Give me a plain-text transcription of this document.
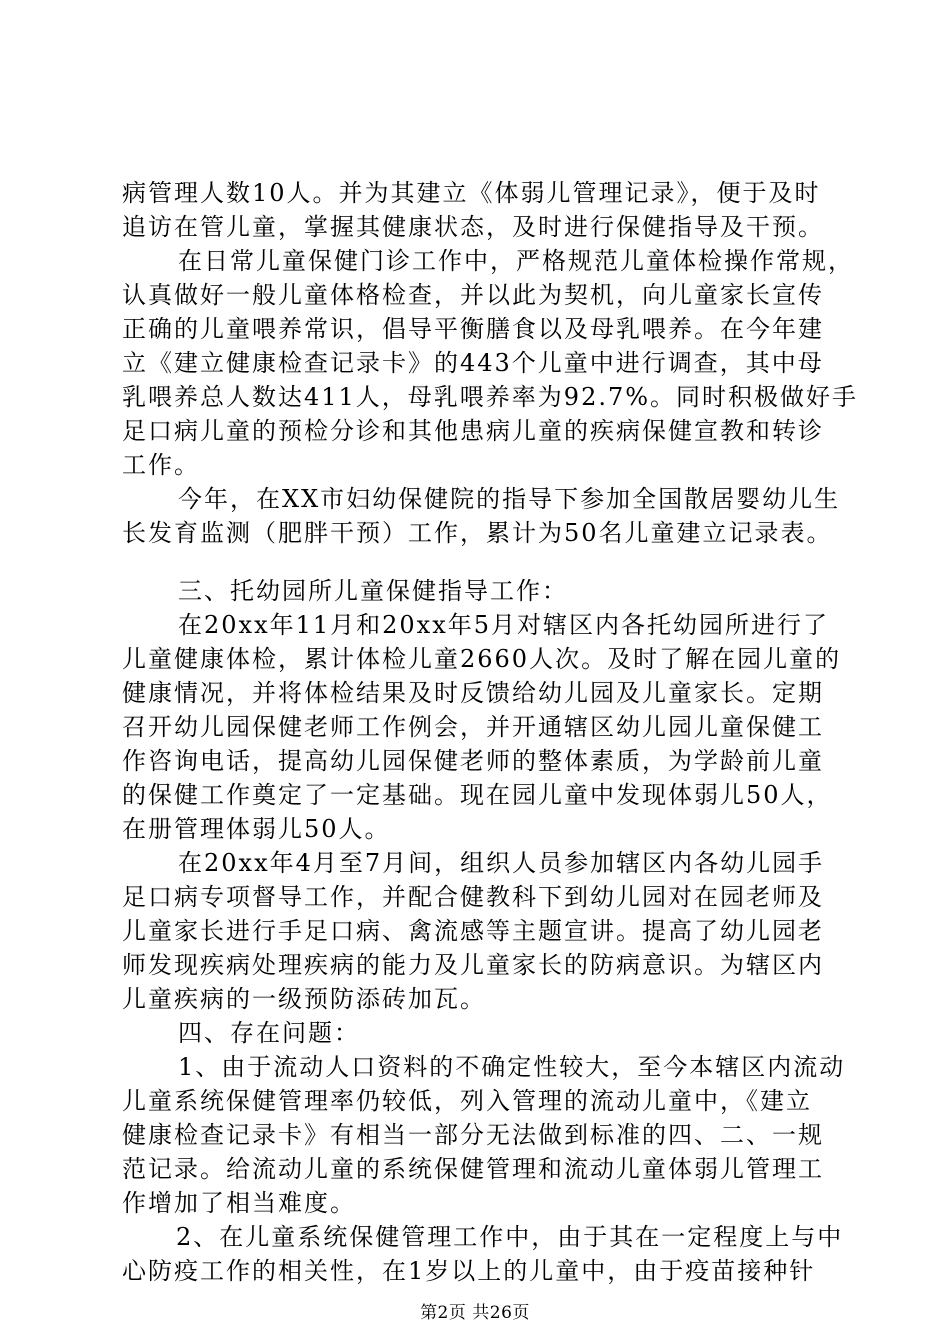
病管理人数10人。并为其建立《体弱儿管理记录》，便于及时
追访在管儿童，掌握其健康状态，及时进行保健指导及干预。
在日常儿童保健门诊工作中，严格规范儿童体检操作常规，
认真做好一般儿童体格检查，并以此为契机，向儿童家长宣传
正确的儿童喂养常识，倡导平衡膳食以及母乳喂养。在今年建
立《建立健康检查记录卡》的443个儿童中进行调查，其中母
乳喂养总人数达411人，母乳喂养率为92.7%。同时积极做好手
足口病儿童的预检分诊和其他患病儿童的疾病保健宣教和转诊
工作。
今年，在XX市妇幼保健院的指导下参加全国散居婴幼儿生
长发育监测（肥胖干预）工作，累计为50名儿童建立记录表。
三、托幼园所儿童保健指导工作：
在20xx年11月和20xx年5月对辖区内各托幼园所进行了
儿童健康体检，累计体检儿童2660人次。及时了解在园儿童的
健康情况，并将体检结果及时反馈给幼儿园及儿童家长。定期
召开幼儿园保健老师工作例会，并开通辖区幼儿园儿童保健工
作咨询电话，提高幼儿园保健老师的整体素质，为学龄前儿童
的保健工作奠定了一定基础。现在园儿童中发现体弱儿50人，
在册管理体弱儿50人。
在20xx年4月至7月间，组织人员参加辖区内各幼儿园手
足口病专项督导工作，并配合健教科下到幼儿园对在园老师及
儿童家长进行手足口病、禽流感等主题宣讲。提高了幼儿园老
师发现疾病处理疾病的能力及儿童家长的防病意识。为辖区内
儿童疾病的一级预防添砖加瓦。
四、存在问题：
1、由于流动人口资料的不确定性较大，至今本辖区内流动
儿童系统保健管理率仍较低，列入管理的流动儿童中，《建立
健康检查记录卡》有相当一部分无法做到标准的四、二、一规
范记录。给流动儿童的系统保健管理和流动儿童体弱儿管理工
作增加了相当难度。
2、在儿童系统保健管理工作中，由于其在一定程度上与中
心防疫工作的相关性，在1岁以上的儿童中，由于疫苗接种针
第2页 共26页
